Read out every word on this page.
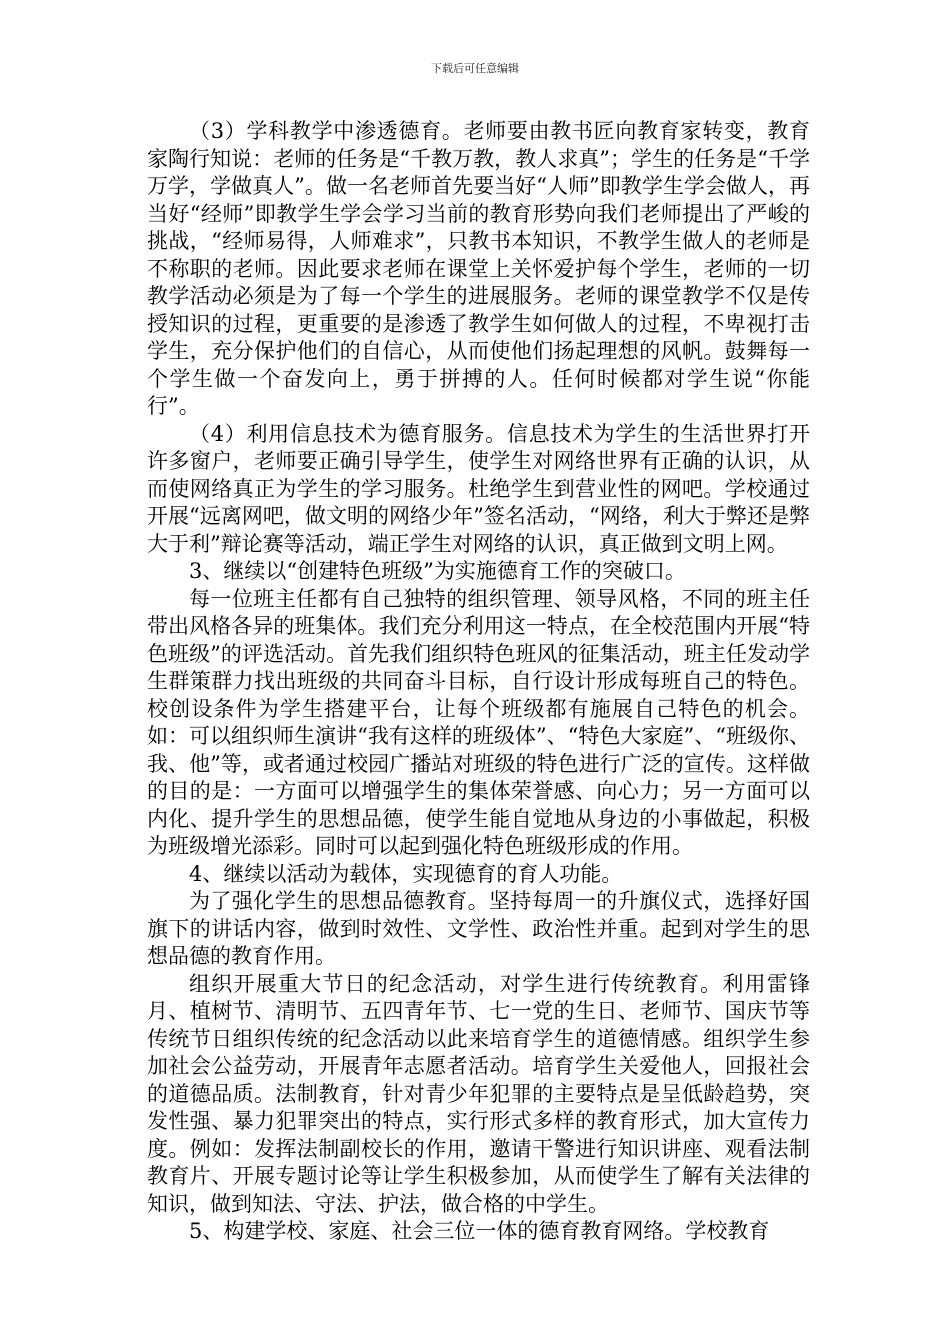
下载后可任意编辑

（3）学科教学中渗透德育。老师要由教书匠向教育家转变，教育家陶行知说：老师的任务是“千教万教，教人求真”；学生的任务是“千学万学，学做真人”。做一名老师首先要当好“人师”即教学生学会做人，再当好“经师”即教学生学会学习当前的教育形势向我们老师提出了严峻的挑战，“经师易得，人师难求”，只教书本知识，不教学生做人的老师是不称职的老师。因此要求老师在课堂上关怀爱护每个学生，老师的一切教学活动必须是为了每一个学生的进展服务。老师的课堂教学不仅是传授知识的过程，更重要的是渗透了教学生如何做人的过程，不卑视打击学生，充分保护他们的自信心，从而使他们扬起理想的风帆。鼓舞每一个学生做一个奋发向上，勇于拼搏的人。任何时候都对学生说“你能行”。

（4）利用信息技术为德育服务。信息技术为学生的生活世界打开许多窗户，老师要正确引导学生，使学生对网络世界有正确的认识，从而使网络真正为学生的学习服务。杜绝学生到营业性的网吧。学校通过开展“远离网吧，做文明的网络少年”签名活动，“网络，利大于弊还是弊大于利”辩论赛等活动，端正学生对网络的认识，真正做到文明上网。

3、继续以“创建特色班级”为实施德育工作的突破口。

每一位班主任都有自己独特的组织管理、领导风格，不同的班主任带出风格各异的班集体。我们充分利用这一特点，在全校范围内开展“特色班级”的评选活动。首先我们组织特色班风的征集活动，班主任发动学生群策群力找出班级的共同奋斗目标，自行设计形成每班自己的特色。校创设条件为学生搭建平台，让每个班级都有施展自己特色的机会。如：可以组织师生演讲“我有这样的班级体”、“特色大家庭”、“班级你、我、他”等，或者通过校园广播站对班级的特色进行广泛的宣传。这样做的目的是：一方面可以增强学生的集体荣誉感、向心力；另一方面可以内化、提升学生的思想品德，使学生能自觉地从身边的小事做起，积极为班级增光添彩。同时可以起到强化特色班级形成的作用。

4、继续以活动为载体，实现德育的育人功能。

为了强化学生的思想品德教育。坚持每周一的升旗仪式，选择好国旗下的讲话内容，做到时效性、文学性、政治性并重。起到对学生的思想品德的教育作用。

组织开展重大节日的纪念活动，对学生进行传统教育。利用雷锋月、植树节、清明节、五四青年节、七一党的生日、老师节、国庆节等传统节日组织传统的纪念活动以此来培育学生的道德情感。组织学生参加社会公益劳动，开展青年志愿者活动。培育学生关爱他人，回报社会的道德品质。法制教育，针对青少年犯罪的主要特点是呈低龄趋势，突发性强、暴力犯罪突出的特点，实行形式多样的教育形式，加大宣传力度。例如：发挥法制副校长的作用，邀请干警进行知识讲座、观看法制教育片、开展专题讨论等让学生积极参加，从而使学生了解有关法律的知识，做到知法、守法、护法，做合格的中学生。

5、构建学校、家庭、社会三位一体的德育教育网络。学校教育
